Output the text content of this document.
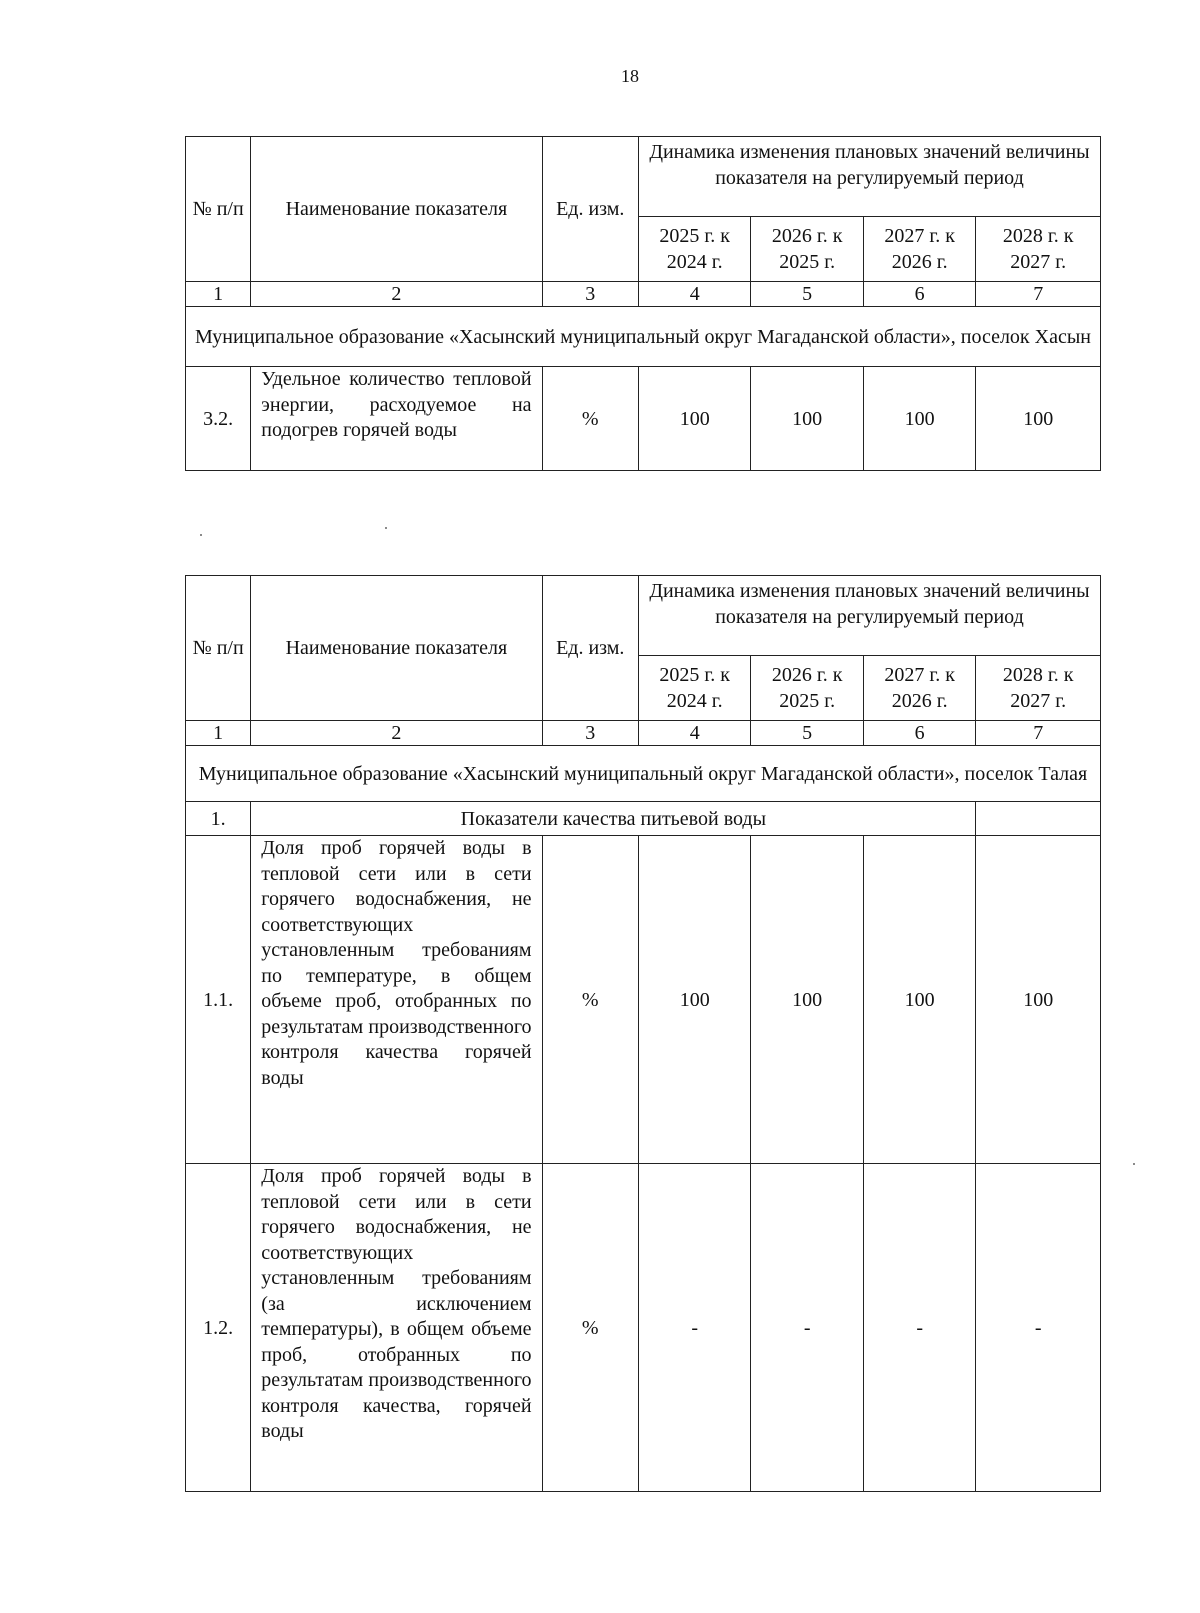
18
№ п/п	Наименование показателя	Ед. изм.	Динамика изменения плановых значений величины показателя на регулируемый период			
			2025 г. к 2024 г.	2026 г. к 2025 г.	2027 г. к 2026 г.	2028 г. к 2027 г.
1	2	3	4	5	6	7
Муниципальное образование «Хасынский муниципальный округ Магаданской области», поселок Хасын						
3.2.	Удельное количество тепловой энергии, расходуемое на подогрев горячей воды	%	100	100	100	100
№ п/п	Наименование показателя	Ед. изм.	Динамика изменения плановых значений величины показателя на регулируемый период			
			2025 г. к 2024 г.	2026 г. к 2025 г.	2027 г. к 2026 г.	2028 г. к 2027 г.
1	2	3	4	5	6	7
Муниципальное образование «Хасынский муниципальный округ Магаданской области», поселок Талая						
1.	Показатели качества питьевой воды					
1.1.	Доля проб горячей воды в тепловой сети или в сети горячего водоснабжения, не соответствующих установленным требованиям по температуре, в общем объеме проб, отобранных по результатам производственного контроля качества горячей воды	%	100	100	100	100
1.2.	Доля проб горячей воды в тепловой сети или в сети горячего водоснабжения, не соответствующих установленным требованиям (за исключением температуры), в общем объеме проб, отобранных по результатам производственного контроля качества, горячей воды	%	-	-	-	-
